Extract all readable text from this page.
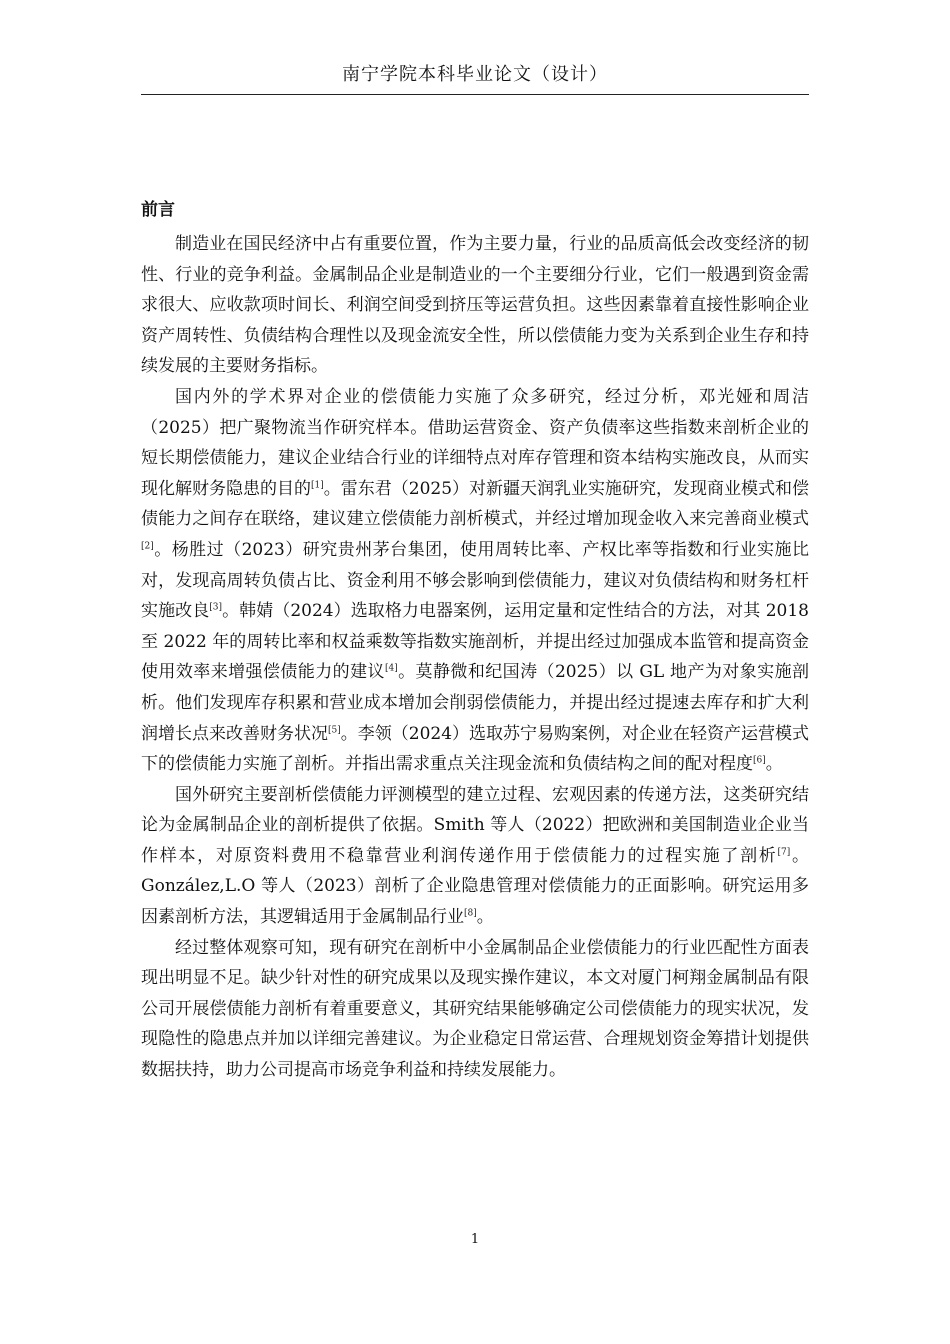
南宁学院本科毕业论文（设计）
前言

制造业在国民经济中占有重要位置，作为主要力量，行业的品质高低会改变经济的韧性、行业的竞争利益。金属制品企业是制造业的一个主要细分行业，它们一般遇到资金需求很大、应收款项时间长、利润空间受到挤压等运营负担。这些因素靠着直接性影响企业资产周转性、负债结构合理性以及现金流安全性，所以偿债能力变为关系到企业生存和持续发展的主要财务指标。

国内外的学术界对企业的偿债能力实施了众多研究，经过分析，邓光娅和周洁（2025）把广聚物流当作研究样本。借助运营资金、资产负债率这些指数来剖析企业的短长期偿债能力，建议企业结合行业的详细特点对库存管理和资本结构实施改良，从而实现化解财务隐患的目的[1]。雷东君（2025）对新疆天润乳业实施研究，发现商业模式和偿债能力之间存在联络，建议建立偿债能力剖析模式，并经过增加现金收入来完善商业模式[2]。杨胜过（2023）研究贵州茅台集团，使用周转比率、产权比率等指数和行业实施比对，发现高周转负债占比、资金利用不够会影响到偿债能力，建议对负债结构和财务杠杆实施改良[3]。韩婧（2024）选取格力电器案例，运用定量和定性结合的方法，对其 2018 至 2022 年的周转比率和权益乘数等指数实施剖析，并提出经过加强成本监管和提高资金使用效率来增强偿债能力的建议[4]。莫静微和纪国涛（2025）以 GL 地产为对象实施剖析。他们发现库存积累和营业成本增加会削弱偿债能力，并提出经过提速去库存和扩大利润增长点来改善财务状况[5]。李领（2024）选取苏宁易购案例，对企业在轻资产运营模式下的偿债能力实施了剖析。并指出需求重点关注现金流和负债结构之间的配对程度[6]。

国外研究主要剖析偿债能力评测模型的建立过程、宏观因素的传递方法，这类研究结论为金属制品企业的剖析提供了依据。Smith 等人（2022）把欧洲和美国制造业企业当作样本，对原资料费用不稳靠营业利润传递作用于偿债能力的过程实施了剖析[7]。González,L.O 等人（2023）剖析了企业隐患管理对偿债能力的正面影响。研究运用多因素剖析方法，其逻辑适用于金属制品行业[8]。

经过整体观察可知，现有研究在剖析中小金属制品企业偿债能力的行业匹配性方面表现出明显不足。缺少针对性的研究成果以及现实操作建议，本文对厦门柯翔金属制品有限公司开展偿债能力剖析有着重要意义，其研究结果能够确定公司偿债能力的现实状况，发现隐性的隐患点并加以详细完善建议。为企业稳定日常运营、合理规划资金筹措计划提供数据扶持，助力公司提高市场竞争利益和持续发展能力。

1
